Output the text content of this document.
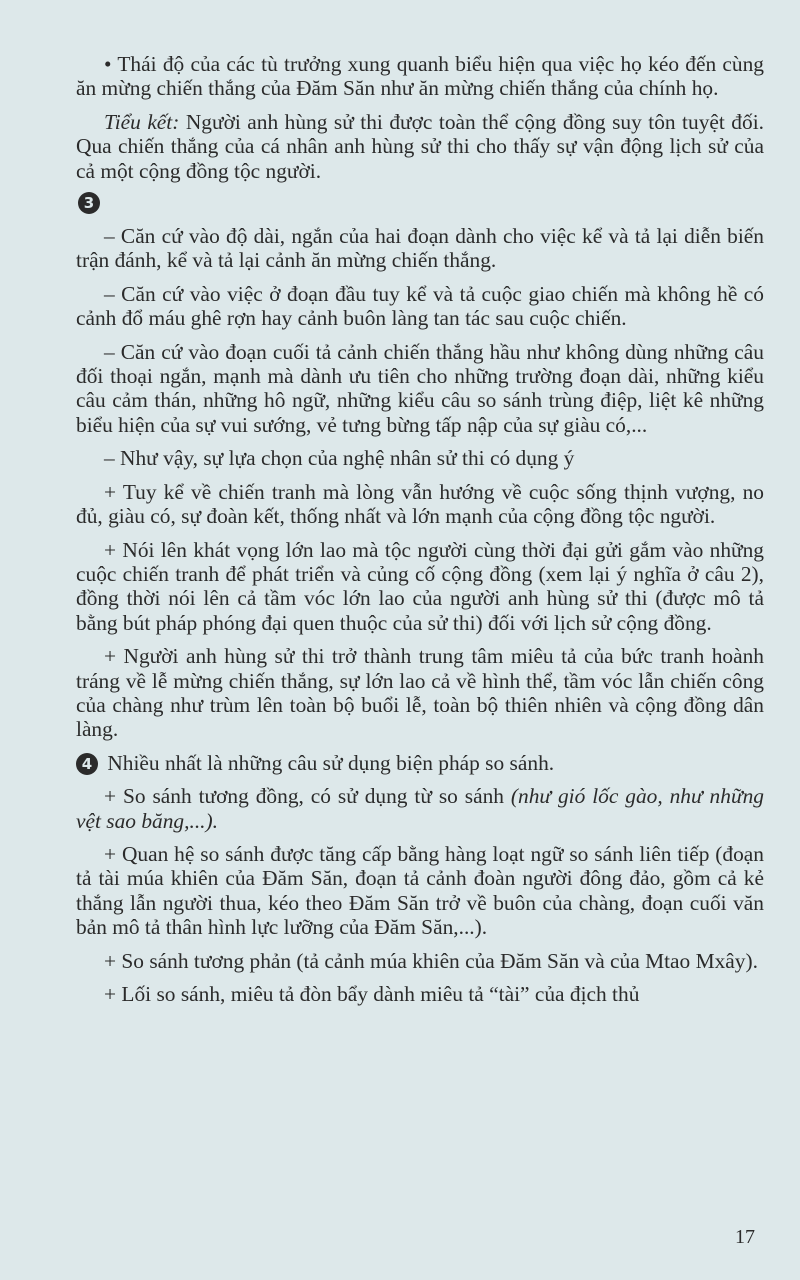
• Thái độ của các tù trưởng xung quanh biểu hiện qua việc họ kéo đến cùng ăn mừng chiến thắng của Đăm Săn như ăn mừng chiến thắng của chính họ.

Tiểu kết: Người anh hùng sử thi được toàn thể cộng đồng suy tôn tuyệt đối. Qua chiến thắng của cá nhân anh hùng sử thi cho thấy sự vận động lịch sử của cả một cộng đồng tộc người.

3

– Căn cứ vào độ dài, ngắn của hai đoạn dành cho việc kể và tả lại diễn biến trận đánh, kể và tả lại cảnh ăn mừng chiến thắng.

– Căn cứ vào việc ở đoạn đầu tuy kể và tả cuộc giao chiến mà không hề có cảnh đổ máu ghê rợn hay cảnh buôn làng tan tác sau cuộc chiến.

– Căn cứ vào đoạn cuối tả cảnh chiến thắng hầu như không dùng những câu đối thoại ngắn, mạnh mà dành ưu tiên cho những trường đoạn dài, những kiểu câu cảm thán, những hô ngữ, những kiểu câu so sánh trùng điệp, liệt kê những biểu hiện của sự vui sướng, vẻ tưng bừng tấp nập của sự giàu có,...

– Như vậy, sự lựa chọn của nghệ nhân sử thi có dụng ý

+ Tuy kể về chiến tranh mà lòng vẫn hướng về cuộc sống thịnh vượng, no đủ, giàu có, sự đoàn kết, thống nhất và lớn mạnh của cộng đồng tộc người.

+ Nói lên khát vọng lớn lao mà tộc người cùng thời đại gửi gắm vào những cuộc chiến tranh để phát triển và củng cố cộng đồng (xem lại ý nghĩa ở câu 2), đồng thời nói lên cả tầm vóc lớn lao của người anh hùng sử thi (được mô tả bằng bút pháp phóng đại quen thuộc của sử thi) đối với lịch sử cộng đồng.

+ Người anh hùng sử thi trở thành trung tâm miêu tả của bức tranh hoành tráng về lễ mừng chiến thắng, sự lớn lao cả về hình thể, tầm vóc lẫn chiến công của chàng như trùm lên toàn bộ buổi lễ, toàn bộ thiên nhiên và cộng đồng dân làng.

4 Nhiều nhất là những câu sử dụng biện pháp so sánh.

+ So sánh tương đồng, có sử dụng từ so sánh (như gió lốc gào, như những vệt sao băng,...).

+ Quan hệ so sánh được tăng cấp bằng hàng loạt ngữ so sánh liên tiếp (đoạn tả tài múa khiên của Đăm Săn, đoạn tả cảnh đoàn người đông đảo, gồm cả kẻ thắng lẫn người thua, kéo theo Đăm Săn trở về buôn của chàng, đoạn cuối văn bản mô tả thân hình lực lưỡng của Đăm Săn,...).

+ So sánh tương phản (tả cảnh múa khiên của Đăm Săn và của Mtao Mxây).

+ Lối so sánh, miêu tả đòn bẩy dành miêu tả “tài” của địch thủ

17
